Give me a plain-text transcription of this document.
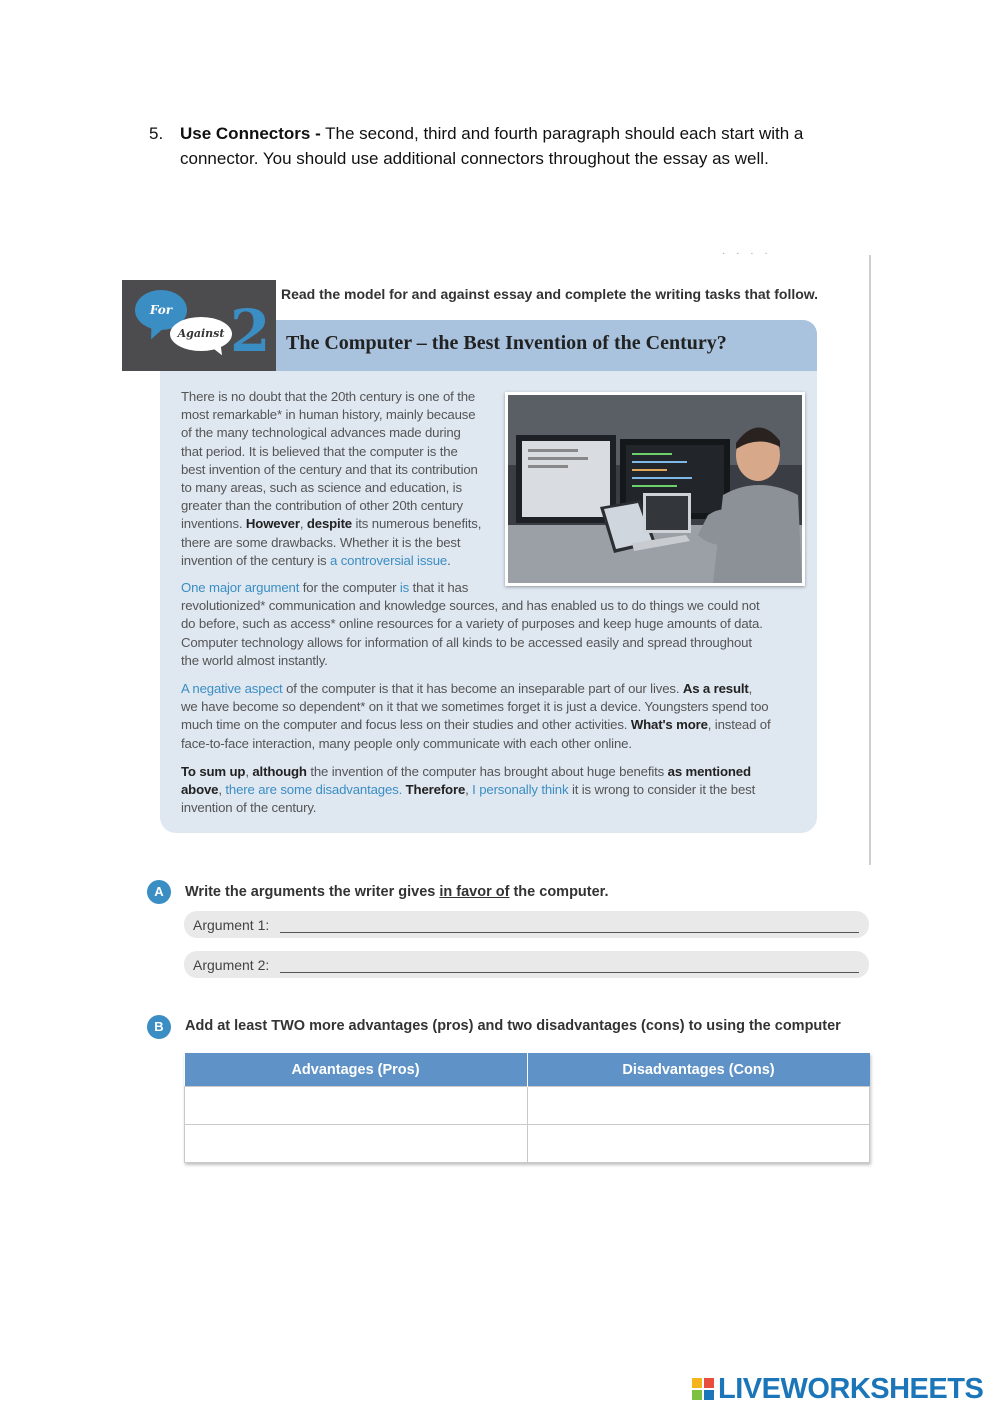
5. Use Connectors - The second, third and fourth paragraph should each start with a
connector. You should use additional connectors throughout the essay as well.
· · · ·
For
Against 2
Read the model for and against essay and complete the writing tasks that follow.
The Computer – the Best Invention of the Century?
There is no doubt that the 20th century is one of the
most remarkable* in human history, mainly because
of the many technological advances made during
that period. It is believed that the computer is the
best invention of the century and that its contribution
to many areas, such as science and education, is
greater than the contribution of other 20th century
inventions. However, despite its numerous benefits,
there are some drawbacks. Whether it is the best
invention of the century is a controversial issue.
One major argument for the computer is that it has
revolutionized* communication and knowledge sources, and has enabled us to do things we could not
do before, such as access* online resources for a variety of purposes and keep huge amounts of data.
Computer technology allows for information of all kinds to be accessed easily and spread throughout
the world almost instantly.
A negative aspect of the computer is that it has become an inseparable part of our lives. As a result,
we have become so dependent* on it that we sometimes forget it is just a device. Youngsters spend too
much time on the computer and focus less on their studies and other activities. What's more, instead of
face-to-face interaction, many people only communicate with each other online.
To sum up, although the invention of the computer has brought about huge benefits as mentioned
above, there are some disadvantages. Therefore, I personally think it is wrong to consider it the best
invention of the century.
A	Write the arguments the writer gives in favor of the computer.
Argument 1:
Argument 2:
B	Add at least TWO more advantages (pros) and two disadvantages (cons) to using the computer
Advantages (Pros)	Disadvantages (Cons)

LIVEWORKSHEETS
